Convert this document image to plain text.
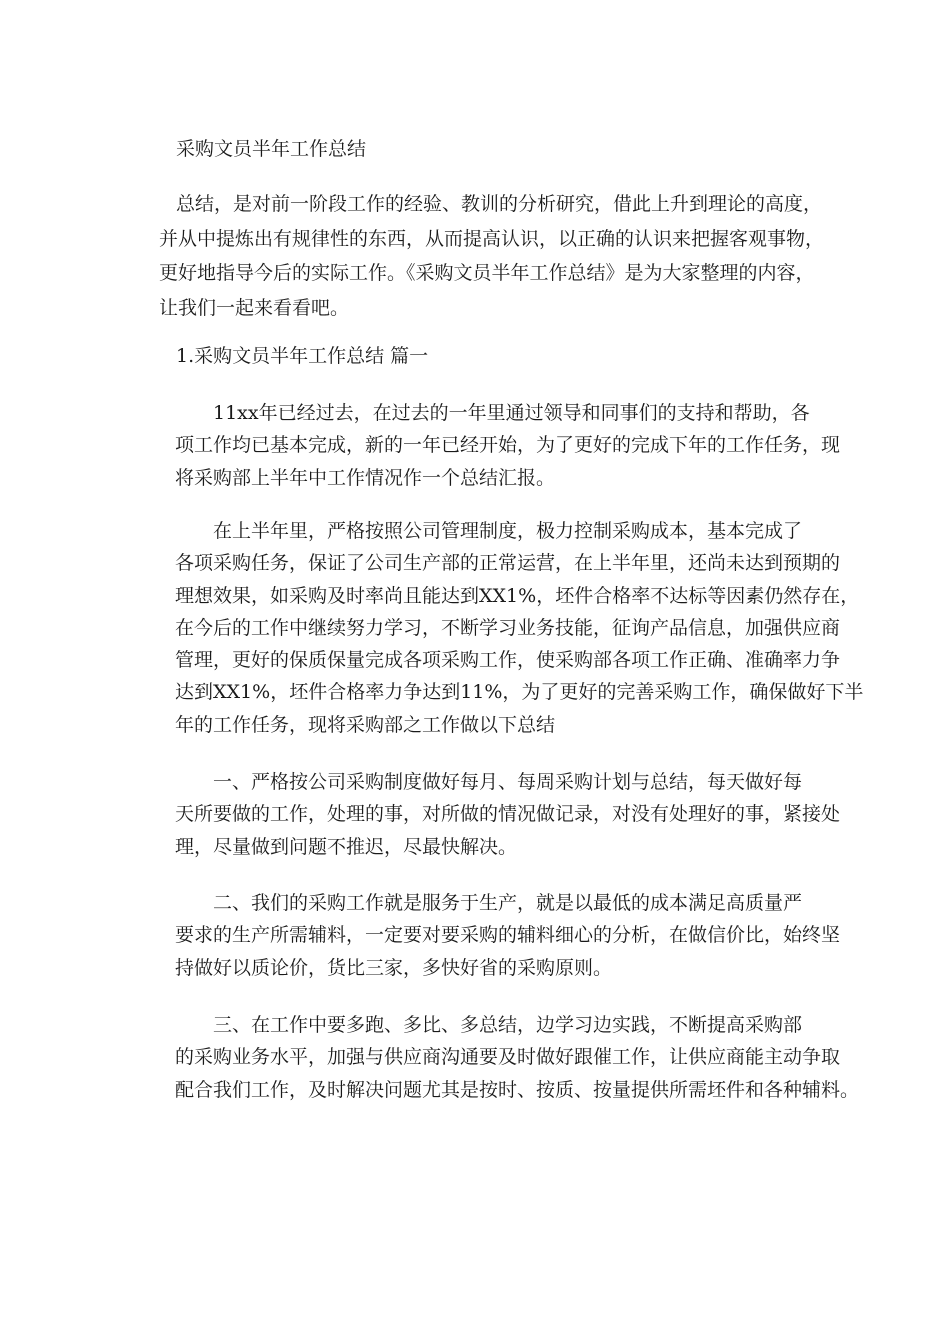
采购文员半年工作总结

总结，是对前一阶段工作的经验、教训的分析研究，借此上升到理论的高度，
并从中提炼出有规律性的东西，从而提高认识，以正确的认识来把握客观事物，
更好地指导今后的实际工作。《采购文员半年工作总结》是为大家整理的内容，
让我们一起来看看吧。

1.采购文员半年工作总结 篇一

11xx年已经过去，在过去的一年里通过领导和同事们的支持和帮助，各
项工作均已基本完成，新的一年已经开始，为了更好的完成下年的工作任务，现
将采购部上半年中工作情况作一个总结汇报。

在上半年里，严格按照公司管理制度，极力控制采购成本，基本完成了
各项采购任务，保证了公司生产部的正常运营，在上半年里，还尚未达到预期的
理想效果，如采购及时率尚且能达到XX1%，坯件合格率不达标等因素仍然存在，
在今后的工作中继续努力学习，不断学习业务技能，征询产品信息，加强供应商
管理，更好的保质保量完成各项采购工作，使采购部各项工作正确、准确率力争
达到XX1%，坯件合格率力争达到11%，为了更好的完善采购工作，确保做好下半
年的工作任务，现将采购部之工作做以下总结

一、严格按公司采购制度做好每月、每周采购计划与总结，每天做好每
天所要做的工作，处理的事，对所做的情况做记录，对没有处理好的事，紧接处
理，尽量做到问题不推迟，尽最快解决。

二、我们的采购工作就是服务于生产，就是以最低的成本满足高质量严
要求的生产所需辅料，一定要对要采购的辅料细心的分析，在做信价比，始终坚
持做好以质论价，货比三家，多快好省的采购原则。

三、在工作中要多跑、多比、多总结，边学习边实践，不断提高采购部
的采购业务水平，加强与供应商沟通要及时做好跟催工作，让供应商能主动争取
配合我们工作，及时解决问题尤其是按时、按质、按量提供所需坯件和各种辅料。
